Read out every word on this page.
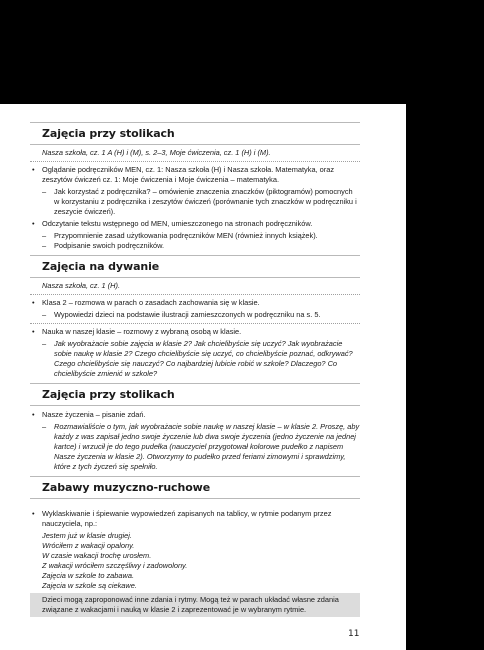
Zajęcia przy stolikach
Nasza szkoła, cz. 1 A (H) i (M), s. 2–3, Moje ćwiczenia, cz. 1 (H) i (M).
• Oglądanie podręczników MEN, cz. 1: Nasza szkoła (H) i Nasza szkoła. Matematyka, oraz zeszytów ćwiczeń cz. 1: Moje ćwiczenia i Moje ćwiczenia – matematyka.
– Jak korzystać z podręcznika? – omówienie znaczenia znaczków (piktogramów) pomocnych w korzystaniu z podręcznika i zeszytów ćwiczeń (porównanie tych znaczków w podręczniku i zeszycie ćwiczeń).
• Odczytanie tekstu wstępnego od MEN, umieszczonego na stronach podręczników.
– Przypomnienie zasad użytkowania podręczników MEN (również innych książek).
– Podpisanie swoich podręczników.
Zajęcia na dywanie
Nasza szkoła, cz. 1 (H).
• Klasa 2 – rozmowa w parach o zasadach zachowania się w klasie.
– Wypowiedzi dzieci na podstawie ilustracji zamieszczonych w podręczniku na s. 5.
• Nauka w naszej klasie – rozmowy z wybraną osobą w klasie.
– Jak wyobrażacie sobie zajęcia w klasie 2? Jak chcielibyście się uczyć? Jak wyobrażacie sobie naukę w klasie 2? Czego chcielibyście się uczyć, co chcielibyście poznać, odkrywać? Czego chcielibyście się nauczyć? Co najbardziej lubicie robić w szkole? Dlaczego? Co chcielibyście zmienić w szkole?
Zajęcia przy stolikach
• Nasze życzenia – pisanie zdań.
– Rozmawialiście o tym, jak wyobrażacie sobie naukę w naszej klasie – w klasie 2. Proszę, aby każdy z was zapisał jedno swoje życzenie lub dwa swoje życzenia (jedno życzenie na jednej kartce) i wrzucił je do tego pudełka (nauczyciel przygotował kolorowe pudełko z napisem Nasze życzenia w klasie 2). Otworzymy to pudełko przed feriami zimowymi i sprawdzimy, które z tych życzeń się spełniło.
Zabawy muzyczno-ruchowe
• Wyklaskiwanie i śpiewanie wypowiedzeń zapisanych na tablicy, w rytmie podanym przez nauczyciela, np.:
Jestem już w klasie drugiej.
Wróciłem z wakacji opalony.
W czasie wakacji trochę urosłem.
Z wakacji wróciłem szczęśliwy i zadowolony.
Zajęcia w szkole to zabawa.
Zajęcia w szkole są ciekawe.
Dzieci mogą zaproponować inne zdania i rytmy. Mogą też w parach układać własne zdania związane z wakacjami i nauką w klasie 2 i zaprezentować je w wybranym rytmie.
11
